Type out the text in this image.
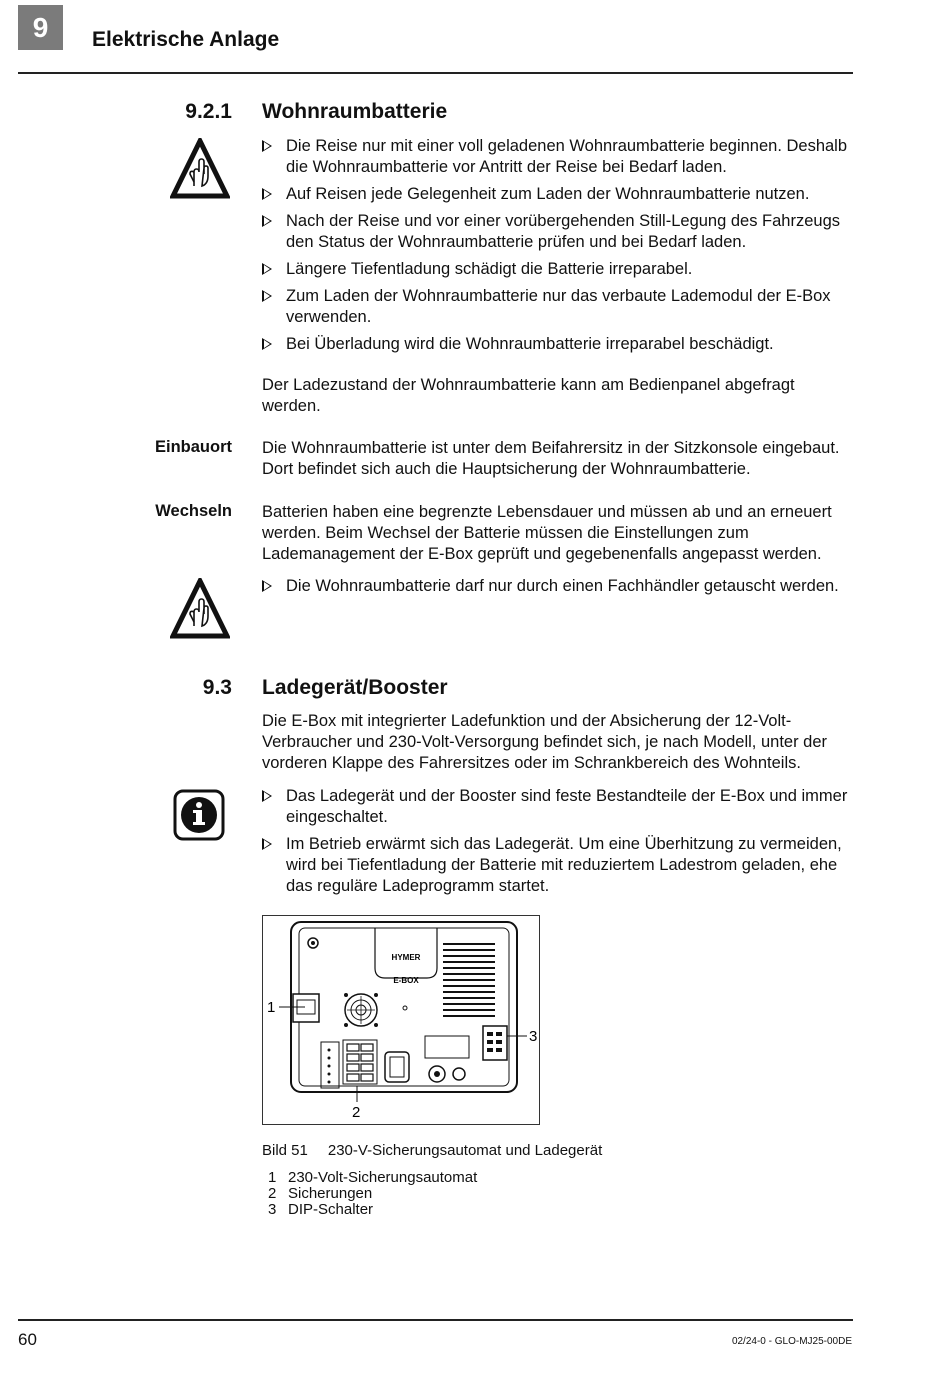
9	Elektrische Anlage
9.2.1 Wohnraumbatterie
Die Reise nur mit einer voll geladenen Wohnraumbatterie beginnen. Deshalb die Wohnraumbatterie vor Antritt der Reise bei Bedarf laden.
Auf Reisen jede Gelegenheit zum Laden der Wohnraumbatterie nutzen.
Nach der Reise und vor einer vorübergehenden Still-Legung des Fahrzeugs den Status der Wohnraumbatterie prüfen und bei Bedarf laden.
Längere Tiefentladung schädigt die Batterie irreparabel.
Zum Laden der Wohnraumbatterie nur das verbaute Lademodul der E-Box verwenden.
Bei Überladung wird die Wohnraumbatterie irreparabel beschädigt.
Der Ladezustand der Wohnraumbatterie kann am Bedienpanel abgefragt werden.
Einbauort Die Wohnraumbatterie ist unter dem Beifahrersitz in der Sitzkonsole eingebaut. Dort befindet sich auch die Hauptsicherung der Wohnraumbatterie.
Wechseln Batterien haben eine begrenzte Lebensdauer und müssen ab und an erneuert werden. Beim Wechsel der Batterie müssen die Einstellungen zum Lademanagement der E-Box geprüft und gegebenenfalls angepasst werden.
Die Wohnraumbatterie darf nur durch einen Fachhändler getauscht werden.
9.3 Ladegerät/Booster
Die E-Box mit integrierter Ladefunktion und der Absicherung der 12-Volt-Verbraucher und 230-Volt-Versorgung befindet sich, je nach Modell, unter der vorderen Klappe des Fahrersitzes oder im Schrankbereich des Wohnteils.
Das Ladegerät und der Booster sind feste Bestandteile der E-Box und immer eingeschaltet.
Im Betrieb erwärmt sich das Ladegerät. Um eine Überhitzung zu vermeiden, wird bei Tiefentladung der Batterie mit reduziertem Ladestrom geladen, ehe das reguläre Ladeprogramm startet.
HYMER
E-BOX
1
2
3
Bild 51 230-V-Sicherungsautomat und Ladegerät
1 230-Volt-Sicherungsautomat
2 Sicherungen
3 DIP-Schalter
60	02/24-0 - GLO-MJ25-00DE
